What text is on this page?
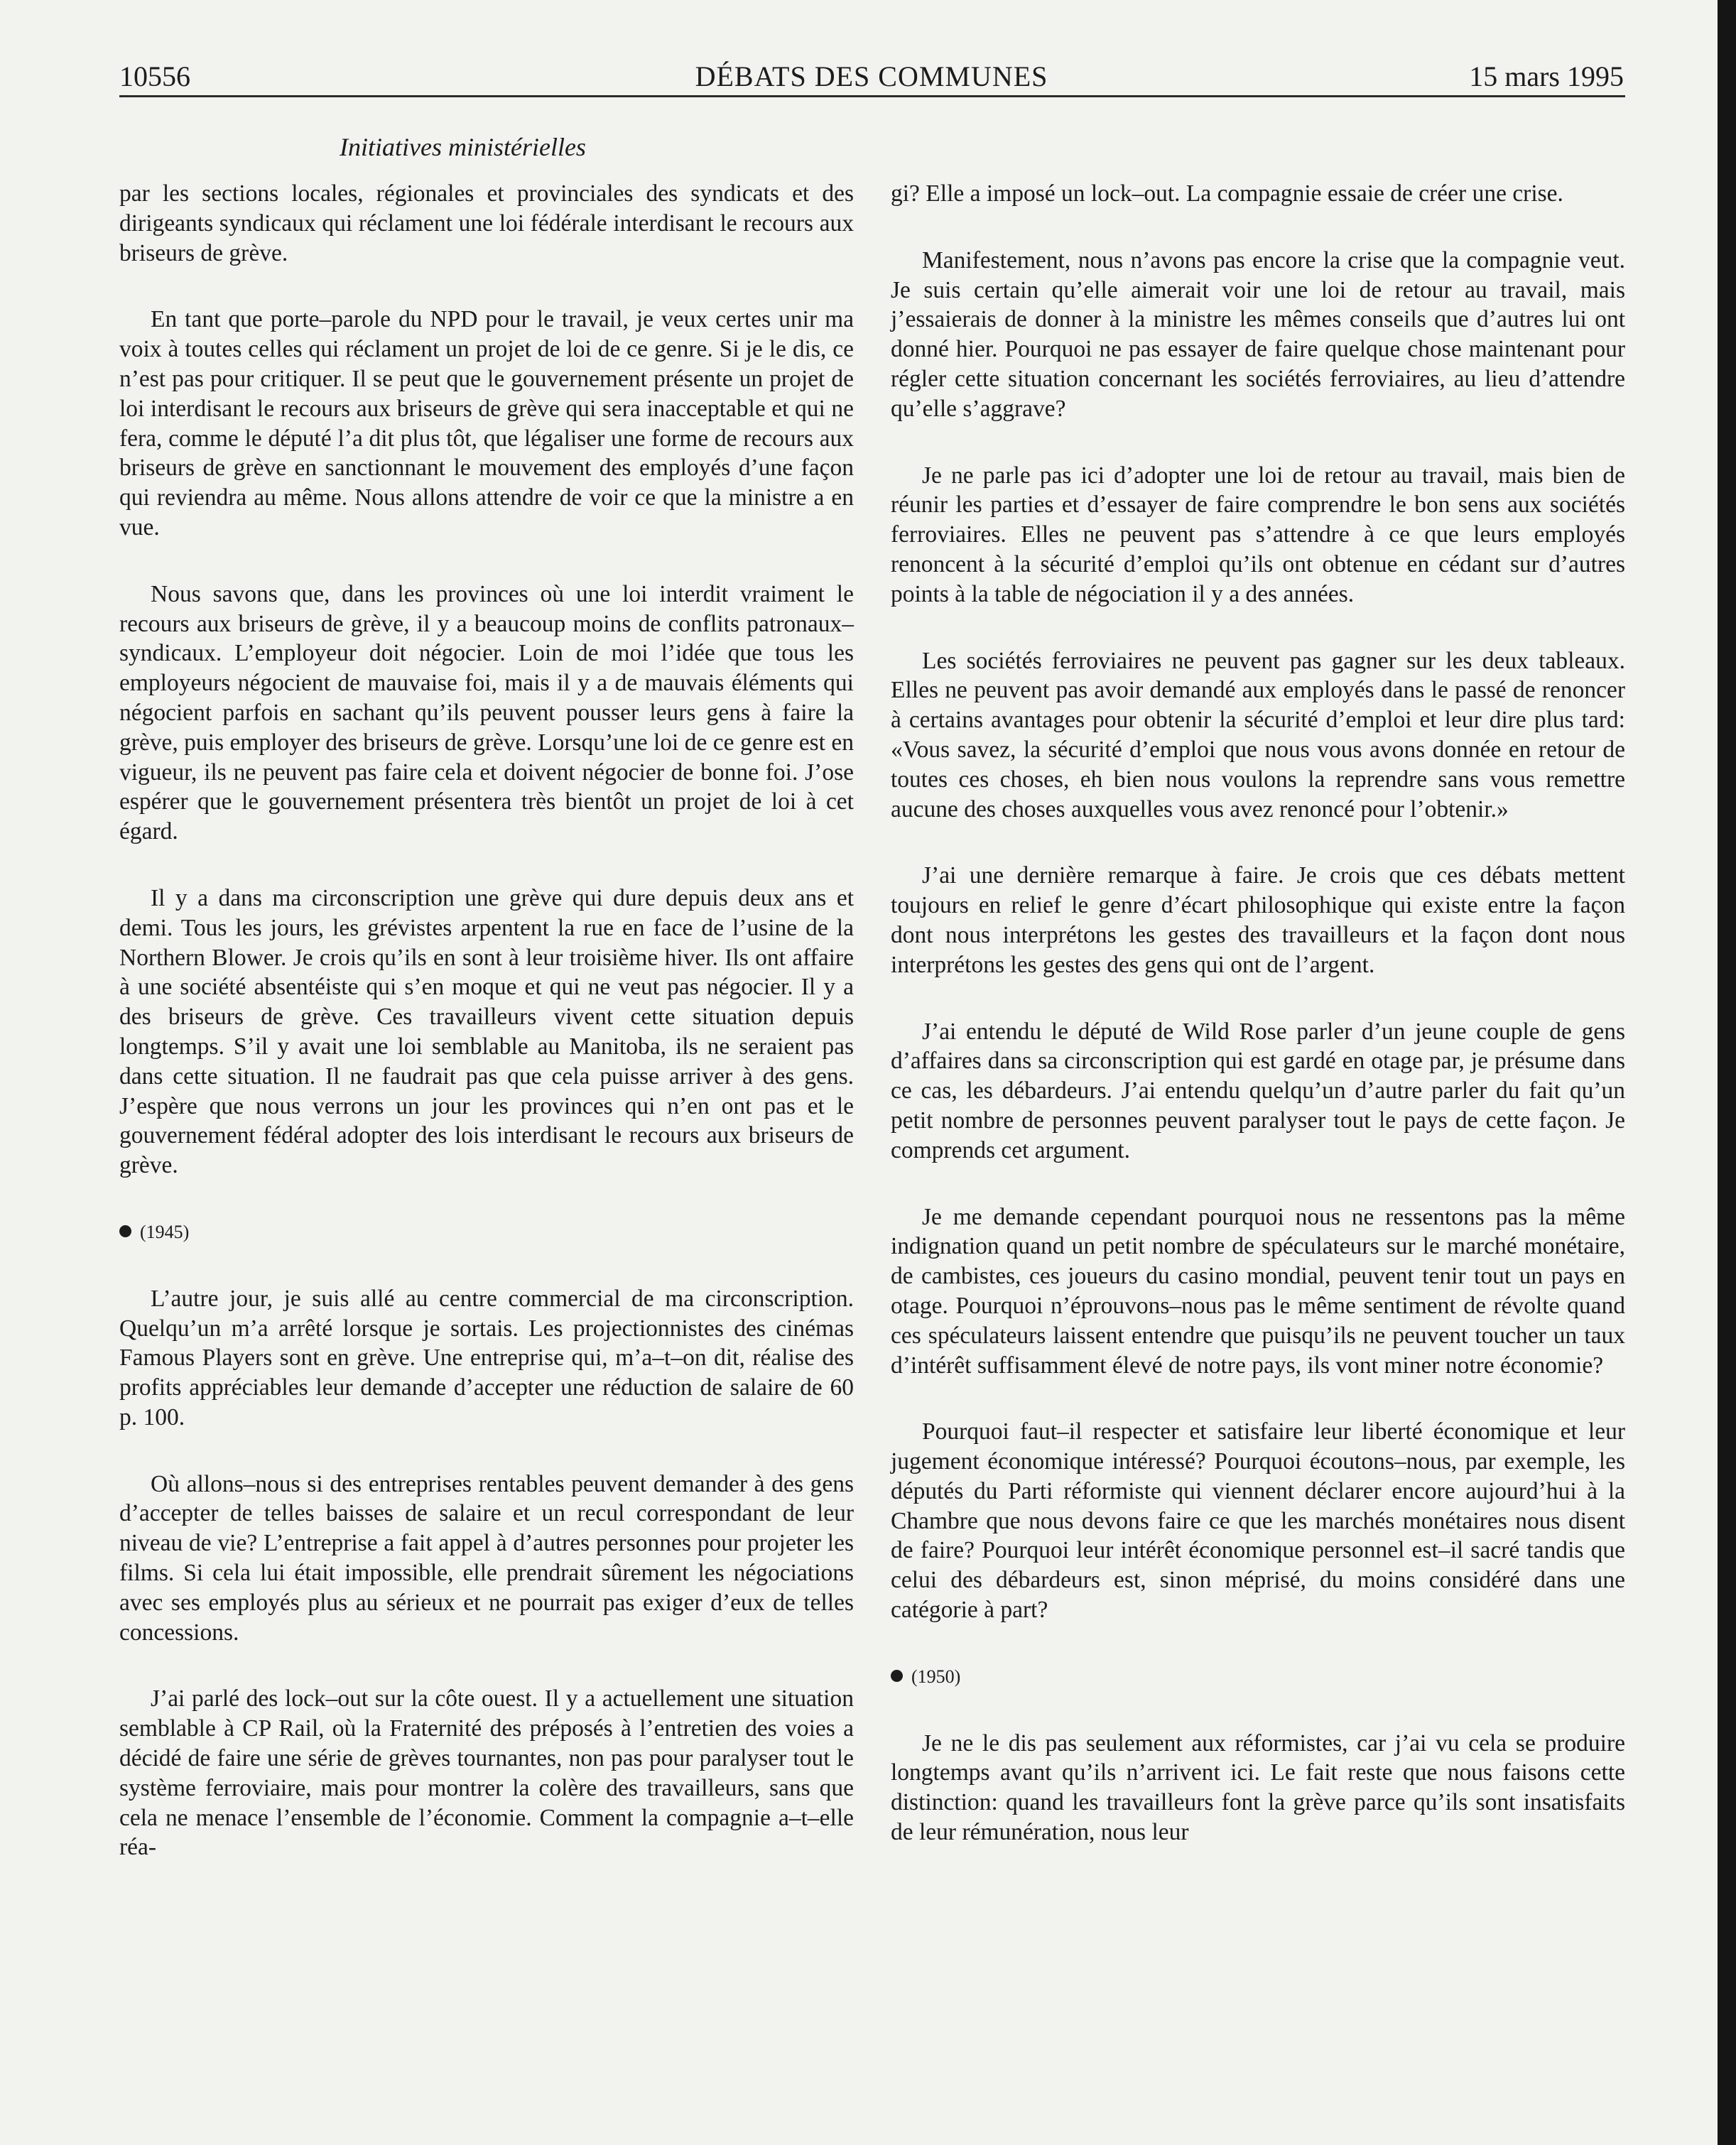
10556	DÉBATS DES COMMUNES	15 mars 1995
Initiatives ministérielles

par les sections locales, régionales et provinciales des syndicats et des dirigeants syndicaux qui réclament une loi fédérale interdisant le recours aux briseurs de grève.

En tant que porte–parole du NPD pour le travail, je veux certes unir ma voix à toutes celles qui réclament un projet de loi de ce genre. Si je le dis, ce n’est pas pour critiquer. Il se peut que le gouvernement présente un projet de loi interdisant le recours aux briseurs de grève qui sera inacceptable et qui ne fera, comme le député l’a dit plus tôt, que légaliser une forme de recours aux briseurs de grève en sanctionnant le mouvement des employés d’une façon qui reviendra au même. Nous allons attendre de voir ce que la ministre a en vue.

Nous savons que, dans les provinces où une loi interdit vraiment le recours aux briseurs de grève, il y a beaucoup moins de conflits patronaux–syndicaux. L’employeur doit négocier. Loin de moi l’idée que tous les employeurs négocient de mauvaise foi, mais il y a de mauvais éléments qui négocient parfois en sachant qu’ils peuvent pousser leurs gens à faire la grève, puis employer des briseurs de grève. Lorsqu’une loi de ce genre est en vigueur, ils ne peuvent pas faire cela et doivent négocier de bonne foi. J’ose espérer que le gouvernement présentera très bientôt un projet de loi à cet égard.

Il y a dans ma circonscription une grève qui dure depuis deux ans et demi. Tous les jours, les grévistes arpentent la rue en face de l’usine de la Northern Blower. Je crois qu’ils en sont à leur troisième hiver. Ils ont affaire à une société absentéiste qui s’en moque et qui ne veut pas négocier. Il y a des briseurs de grève. Ces travailleurs vivent cette situation depuis longtemps. S’il y avait une loi semblable au Manitoba, ils ne seraient pas dans cette situation. Il ne faudrait pas que cela puisse arriver à des gens. J’espère que nous verrons un jour les provinces qui n’en ont pas et le gouvernement fédéral adopter des lois interdisant le recours aux briseurs de grève.

(1945)

L’autre jour, je suis allé au centre commercial de ma circonscription. Quelqu’un m’a arrêté lorsque je sortais. Les projectionnistes des cinémas Famous Players sont en grève. Une entreprise qui, m’a–t–on dit, réalise des profits appréciables leur demande d’accepter une réduction de salaire de 60 p. 100.

Où allons–nous si des entreprises rentables peuvent demander à des gens d’accepter de telles baisses de salaire et un recul correspondant de leur niveau de vie? L’entreprise a fait appel à d’autres personnes pour projeter les films. Si cela lui était impossible, elle prendrait sûrement les négociations avec ses employés plus au sérieux et ne pourrait pas exiger d’eux de telles concessions.

J’ai parlé des lock–out sur la côte ouest. Il y a actuellement une situation semblable à CP Rail, où la Fraternité des préposés à l’entretien des voies a décidé de faire une série de grèves tournantes, non pas pour paralyser tout le système ferroviaire, mais pour montrer la colère des travailleurs, sans que cela ne menace l’ensemble de l’économie. Comment la compagnie a–t–elle réa-

gi? Elle a imposé un lock–out. La compagnie essaie de créer une crise.

Manifestement, nous n’avons pas encore la crise que la compagnie veut. Je suis certain qu’elle aimerait voir une loi de retour au travail, mais j’essaierais de donner à la ministre les mêmes conseils que d’autres lui ont donné hier. Pourquoi ne pas essayer de faire quelque chose maintenant pour régler cette situation concernant les sociétés ferroviaires, au lieu d’attendre qu’elle s’aggrave?

Je ne parle pas ici d’adopter une loi de retour au travail, mais bien de réunir les parties et d’essayer de faire comprendre le bon sens aux sociétés ferroviaires. Elles ne peuvent pas s’attendre à ce que leurs employés renoncent à la sécurité d’emploi qu’ils ont obtenue en cédant sur d’autres points à la table de négociation il y a des années.

Les sociétés ferroviaires ne peuvent pas gagner sur les deux tableaux. Elles ne peuvent pas avoir demandé aux employés dans le passé de renoncer à certains avantages pour obtenir la sécurité d’emploi et leur dire plus tard: «Vous savez, la sécurité d’emploi que nous vous avons donnée en retour de toutes ces choses, eh bien nous voulons la reprendre sans vous remettre aucune des choses auxquelles vous avez renoncé pour l’obtenir.»

J’ai une dernière remarque à faire. Je crois que ces débats mettent toujours en relief le genre d’écart philosophique qui existe entre la façon dont nous interprétons les gestes des travailleurs et la façon dont nous interprétons les gestes des gens qui ont de l’argent.

J’ai entendu le député de Wild Rose parler d’un jeune couple de gens d’affaires dans sa circonscription qui est gardé en otage par, je présume dans ce cas, les débardeurs. J’ai entendu quelqu’un d’autre parler du fait qu’un petit nombre de personnes peuvent paralyser tout le pays de cette façon. Je comprends cet argument.

Je me demande cependant pourquoi nous ne ressentons pas la même indignation quand un petit nombre de spéculateurs sur le marché monétaire, de cambistes, ces joueurs du casino mondial, peuvent tenir tout un pays en otage. Pourquoi n’éprouvons–nous pas le même sentiment de révolte quand ces spéculateurs laissent entendre que puisqu’ils ne peuvent toucher un taux d’intérêt suffisamment élevé de notre pays, ils vont miner notre économie?

Pourquoi faut–il respecter et satisfaire leur liberté économique et leur jugement économique intéressé? Pourquoi écoutons–nous, par exemple, les députés du Parti réformiste qui viennent déclarer encore aujourd’hui à la Chambre que nous devons faire ce que les marchés monétaires nous disent de faire? Pourquoi leur intérêt économique personnel est–il sacré tandis que celui des débardeurs est, sinon méprisé, du moins considéré dans une catégorie à part?

(1950)

Je ne le dis pas seulement aux réformistes, car j’ai vu cela se produire longtemps avant qu’ils n’arrivent ici. Le fait reste que nous faisons cette distinction: quand les travailleurs font la grève parce qu’ils sont insatisfaits de leur rémunération, nous leur
